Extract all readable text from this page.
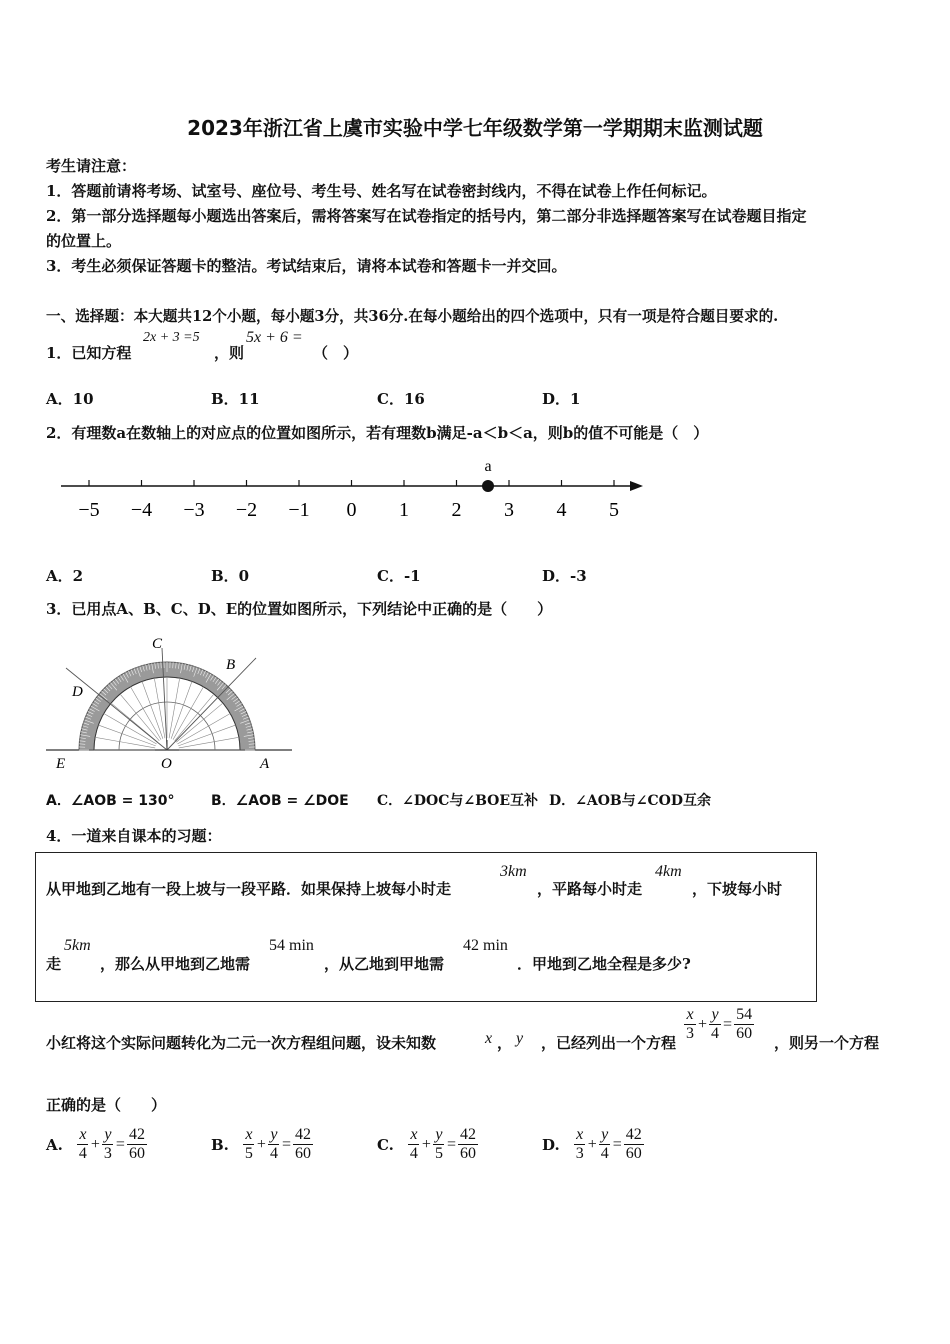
2023年浙江省上虞市实验中学七年级数学第一学期期末监测试题
考生请注意：
1．答题前请将考场、试室号、座位号、考生号、姓名写在试卷密封线内，不得在试卷上作任何标记。
2．第一部分选择题每小题选出答案后，需将答案写在试卷指定的括号内，第二部分非选择题答案写在试卷题目指定
的位置上。
3．考生必须保证答题卡的整洁。考试结束后，请将本试卷和答题卡一并交回。
一、选择题：本大题共12个小题，每小题3分，共36分.在每小题给出的四个选项中，只有一项是符合题目要求的.
1．已知方程
2x + 3 =5
，则
5x + 6 =
（　）
A．10	B．11	C．16	D．1
2．有理数a在数轴上的对应点的位置如图所示，若有理数b满足-a＜b＜a，则b的值不可能是（　）
−5 −4 −3 −2 −1 0 1 2 3 4 5
a
A．2	B．0	C．-1	D．-3
3．已用点A、B、C、D、E的位置如图所示，下列结论中正确的是（　　）
C
B
D
E	O	A
A．∠AOB = 130°	B．∠AOB = ∠DOE C．∠DOC与∠BOE互补 D．∠AOB与∠COD互余
4．一道来自课本的习题：
从甲地到乙地有一段上坡与一段平路．如果保持上坡每小时走
3km
，平路每小时走
4km
，下坡每小时
走
5km
，那么从甲地到乙地需
54 min
，从乙地到甲地需
42 min
．甲地到乙地全程是多少?
小红将这个实际问题转化为二元一次方程组问题，设未知数	x ， y ，已经列出一个方程 $\frac{x}{3} + \frac{y}{4} = \frac{54}{60}$ ，则另一个方程
正确的是（　　）
A. $\frac{x}{4} + \frac{y}{3} = \frac{42}{60}$	B. $\frac{x}{5} + \frac{y}{4} = \frac{42}{60}$	C. $\frac{x}{4} + \frac{y}{5} = \frac{42}{60}$	D. $\frac{x}{3} + \frac{y}{4} = \frac{42}{60}$
